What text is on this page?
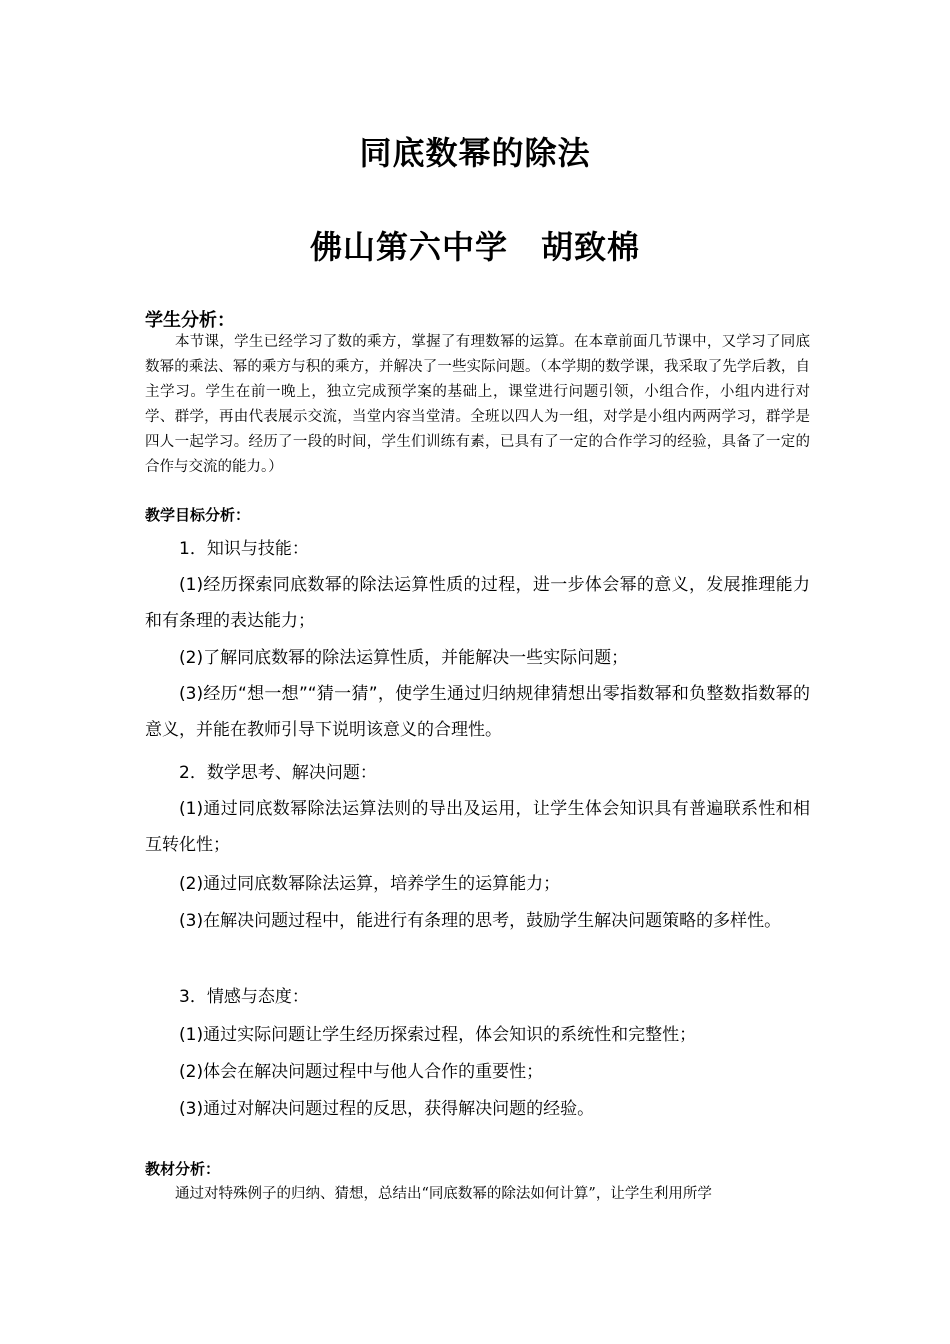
同底数幂的除法
佛山第六中学　胡致棉
学生分析：
本节课，学生已经学习了数的乘方，掌握了有理数幂的运算。在本章前面几节课中，又学习了同底数幂的乘法、幂的乘方与积的乘方，并解决了一些实际问题。（本学期的数学课，我采取了先学后教，自主学习。学生在前一晚上，独立完成预学案的基础上，课堂进行问题引领，小组合作，小组内进行对学、群学，再由代表展示交流，当堂内容当堂清。全班以四人为一组，对学是小组内两两学习，群学是四人一起学习。经历了一段的时间，学生们训练有素，已具有了一定的合作学习的经验，具备了一定的合作与交流的能力。）
教学目标分析：
1．知识与技能：
(1)经历探索同底数幂的除法运算性质的过程，进一步体会幂的意义，发展推理能力和有条理的表达能力；
(2)了解同底数幂的除法运算性质，并能解决一些实际问题；
(3)经历“想一想”“猜一猜”，使学生通过归纳规律猜想出零指数幂和负整数指数幂的意义，并能在教师引导下说明该意义的合理性。
2．数学思考、解决问题：
(1)通过同底数幂除法运算法则的导出及运用，让学生体会知识具有普遍联系性和相互转化性；
(2)通过同底数幂除法运算，培养学生的运算能力；
(3)在解决问题过程中，能进行有条理的思考，鼓励学生解决问题策略的多样性。
3．情感与态度：
(1)通过实际问题让学生经历探索过程，体会知识的系统性和完整性；
(2)体会在解决问题过程中与他人合作的重要性；
(3)通过对解决问题过程的反思，获得解决问题的经验。
教材分析：
通过对特殊例子的归纳、猜想，总结出“同底数幂的除法如何计算”，让学生利用所学
